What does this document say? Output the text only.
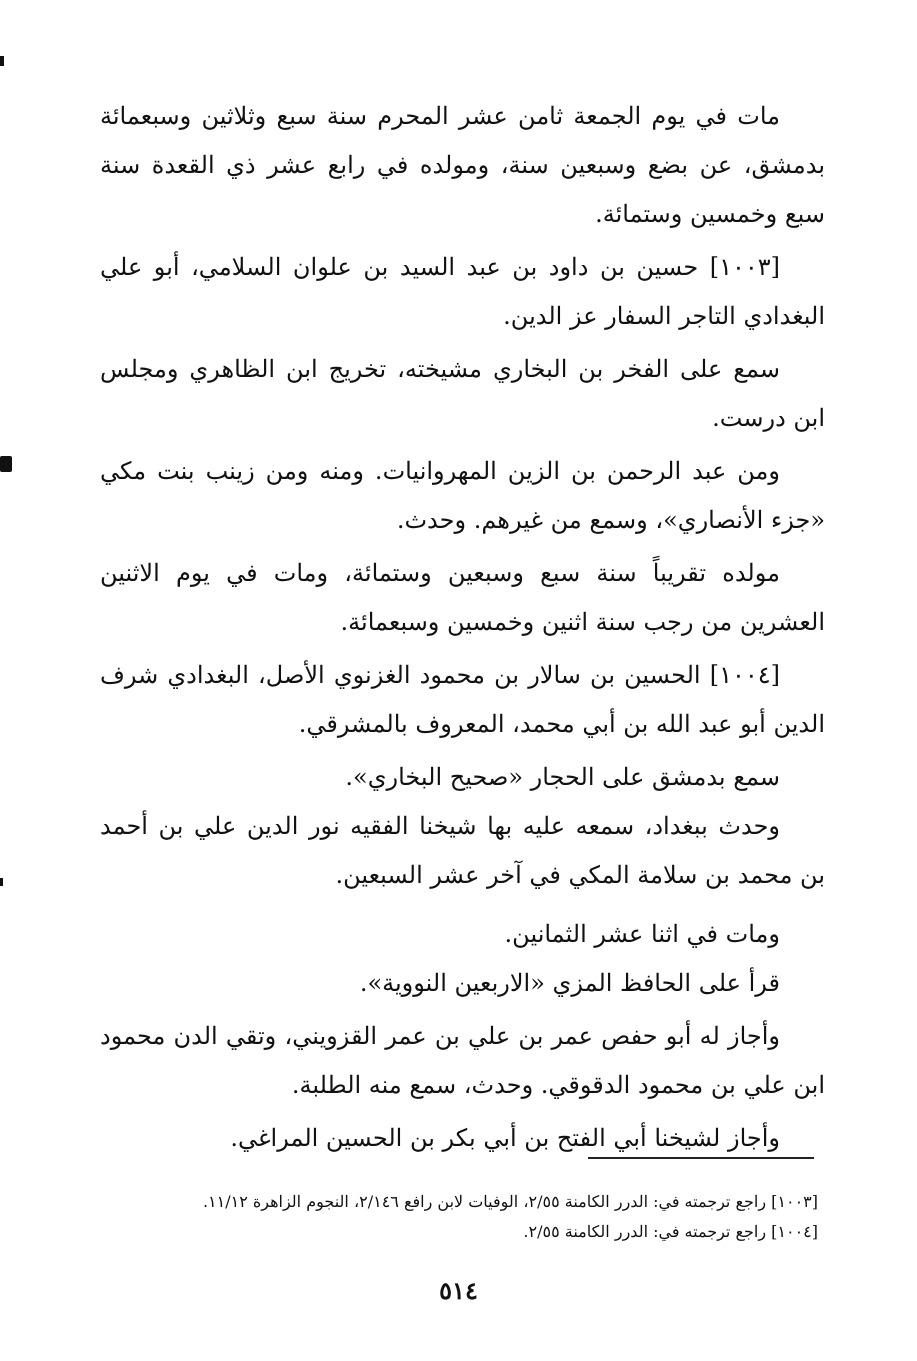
مات في يوم الجمعة ثامن عشر المحرم سنة سبع وثلاثين وسبعمائة بدمشق، عن بضع وسبعين سنة، ومولده في رابع عشر ذي القعدة سنة سبع وخمسين وستمائة.

[١٠٠٣] حسين بن داود بن عبد السيد بن علوان السلامي، أبو علي البغدادي التاجر السفار عز الدين.

سمع على الفخر بن البخاري مشيخته، تخريج ابن الظاهري ومجلس ابن درست.

ومن عبد الرحمن بن الزين المهروانيات. ومنه ومن زينب بنت مكي «جزء الأنصاري»، وسمع من غيرهم. وحدث.

مولده تقريباً سنة سبع وسبعين وستمائة، ومات في يوم الاثنين العشرين من رجب سنة اثنين وخمسين وسبعمائة.

[١٠٠٤] الحسين بن سالار بن محمود الغزنوي الأصل، البغدادي شرف الدين أبو عبد الله بن أبي محمد، المعروف بالمشرقي.

سمع بدمشق على الحجار «صحيح البخاري».

وحدث ببغداد، سمعه عليه بها شيخنا الفقيه نور الدين علي بن أحمد بن محمد بن سلامة المكي في آخر عشر السبعين.

ومات في اثنا عشر الثمانين.

قرأ على الحافظ المزي «الاربعين النووية».

وأجاز له أبو حفص عمر بن علي بن عمر القزويني، وتقي الدن محمود ابن علي بن محمود الدقوقي. وحدث، سمع منه الطلبة.

وأجاز لشيخنا أبي الفتح بن أبي بكر بن الحسين المراغي.

[١٠٠٣] راجع ترجمته في: الدرر الكامنة ٢/٥٥، الوفيات لابن رافع ٢/١٤٦، النجوم الزاهرة ١١/١٢.

[١٠٠٤] راجع ترجمته في: الدرر الكامنة ٢/٥٥.

٥١٤
